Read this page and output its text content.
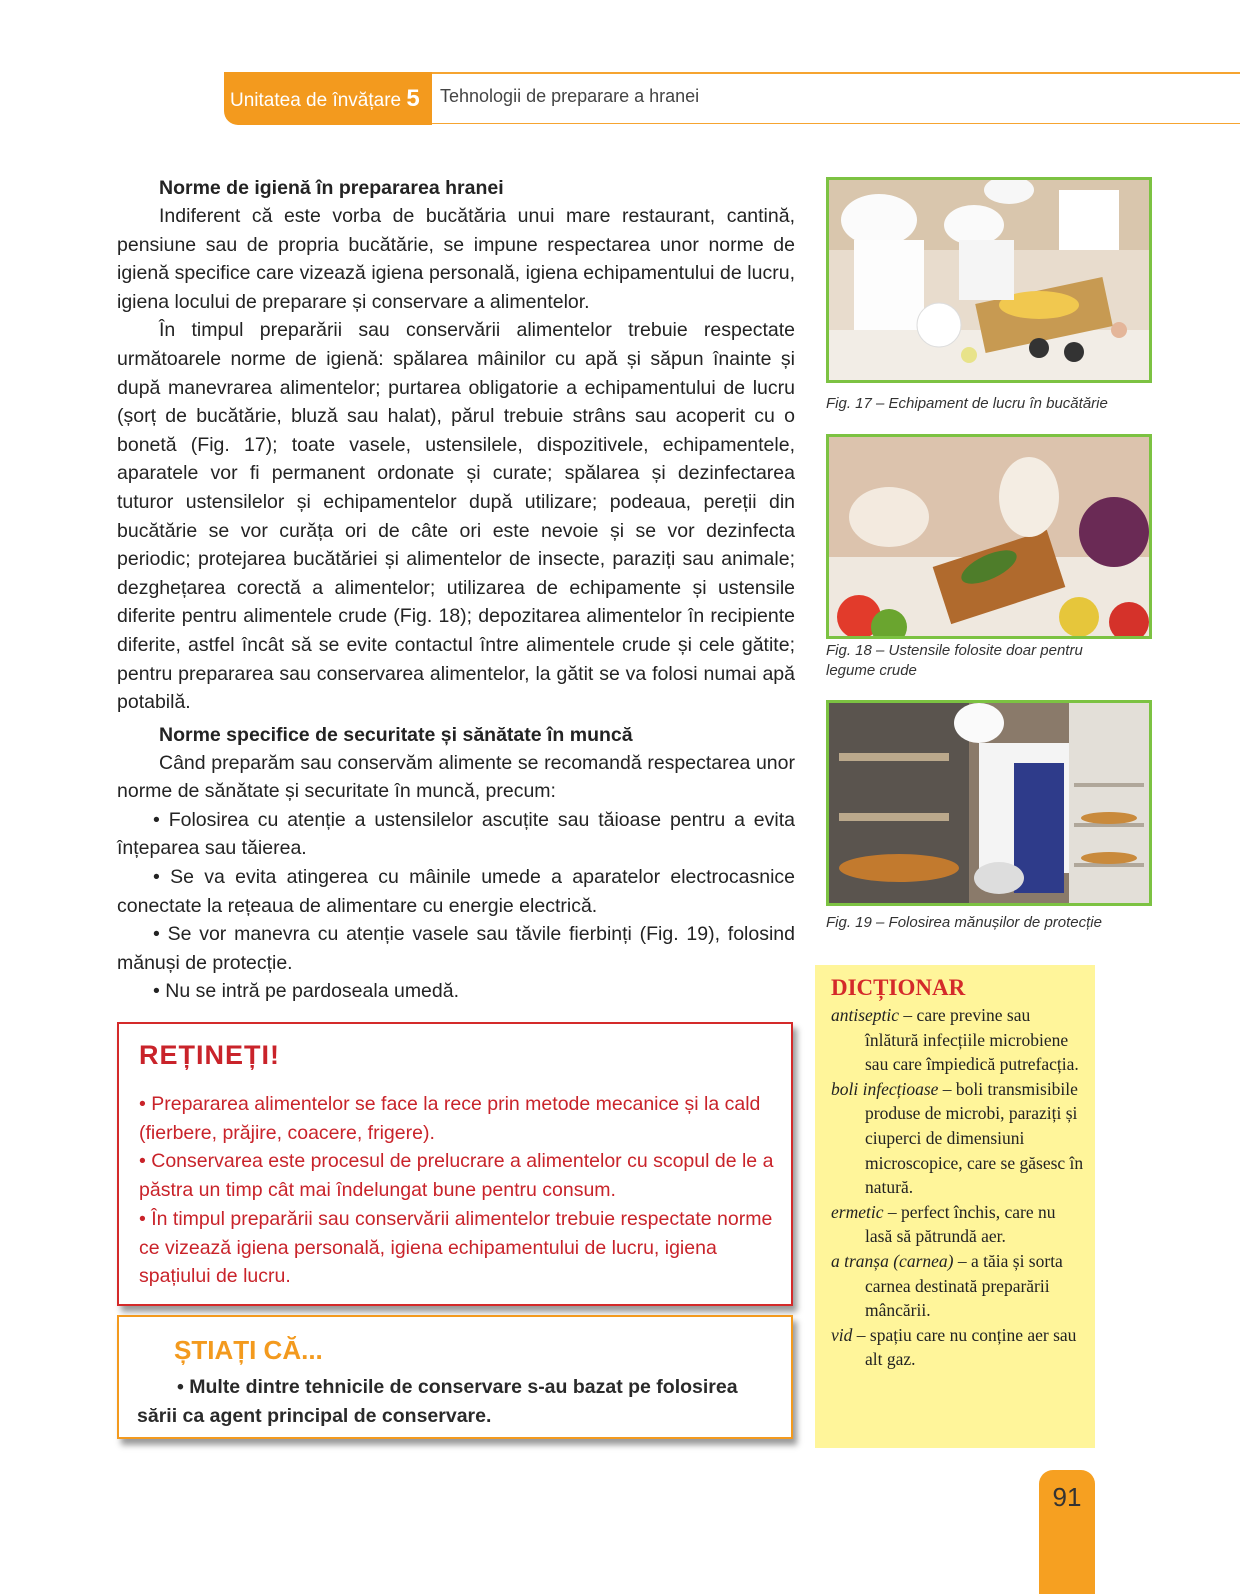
Unitatea de învățare 5	Tehnologii de preparare a hranei
Norme de igienă în prepararea hranei

Indiferent că este vorba de bucătăria unui mare restaurant, cantină, pensiune sau de propria bucătărie, se impune respectarea unor norme de igienă specifice care vizează igiena personală, igiena echipamentului de lucru, igiena locului de preparare și conservare a alimentelor.

În timpul preparării sau conservării alimentelor trebuie respectate următoarele norme de igienă: spălarea mâinilor cu apă și săpun înainte și după manevrarea alimentelor; purtarea obligatorie a echipamentului de lucru (șorț de bucătărie, bluză sau halat), părul trebuie strâns sau acoperit cu o bonetă (Fig. 17); toate vasele, ustensilele, dispozitivele, echipamentele, aparatele vor fi permanent ordonate și curate; spălarea și dezinfectarea tuturor ustensilelor și echipamentelor după utilizare; podeaua, pereții din bucătărie se vor curăța ori de câte ori este nevoie și se vor dezinfecta periodic; protejarea bucătăriei și alimentelor de insecte, paraziți sau animale; dezghețarea corectă a alimentelor; utilizarea de echipamente și ustensile diferite pentru alimentele crude (Fig. 18); depozitarea alimentelor în recipiente diferite, astfel încât să se evite contactul între alimentele crude și cele gătite; pentru prepararea sau conservarea alimentelor, la gătit se va folosi numai apă potabilă.

Norme specifice de securitate și sănătate în muncă

Când preparăm sau conservăm alimente se recomandă respectarea unor norme de sănătate și securitate în muncă, precum:

• Folosirea cu atenție a ustensilelor ascuțite sau tăioase pentru a evita înțeparea sau tăierea.

• Se va evita atingerea cu mâinile umede a aparatelor electrocasnice conectate la rețeaua de alimentare cu energie electrică.

• Se vor manevra cu atenție vasele sau tăvile fierbinți (Fig. 19), folosind mănuși de protecție.

• Nu se intră pe pardoseala umedă.

Fig. 17 – Echipament de lucru în bucătărie
Fig. 18 – Ustensile folosite doar pentru legume crude
Fig. 19 – Folosirea mănușilor de protecție
REȚINEȚI!
• Prepararea alimentelor se face la rece prin metode mecanice și la cald (fierbere, prăjire, coacere, frigere).
• Conservarea este procesul de prelucrare a alimentelor cu scopul de le a păstra un timp cât mai îndelungat bune pentru consum.
• În timpul preparării sau conservării alimentelor trebuie respectate norme ce vizează igiena personală, igiena echipamentului de lucru, igiena spațiului de lucru.
ȘTIAȚI CĂ...
• Multe dintre tehnicile de conservare s-au bazat pe folosirea sării ca agent principal de conservare.
DICȚIONAR
antiseptic – care previne sau înlătură infecțiile microbiene sau care împiedică putrefacția.
boli infecțioase – boli transmisibile produse de microbi, paraziți și ciuperci de dimensiuni microscopice, care se găsesc în natură.
ermetic – perfect închis, care nu lasă să pătrundă aer.
a tranșa (carnea) – a tăia și sorta carnea destinată preparării mâncării.
vid – spațiu care nu conține aer sau alt gaz.
91
